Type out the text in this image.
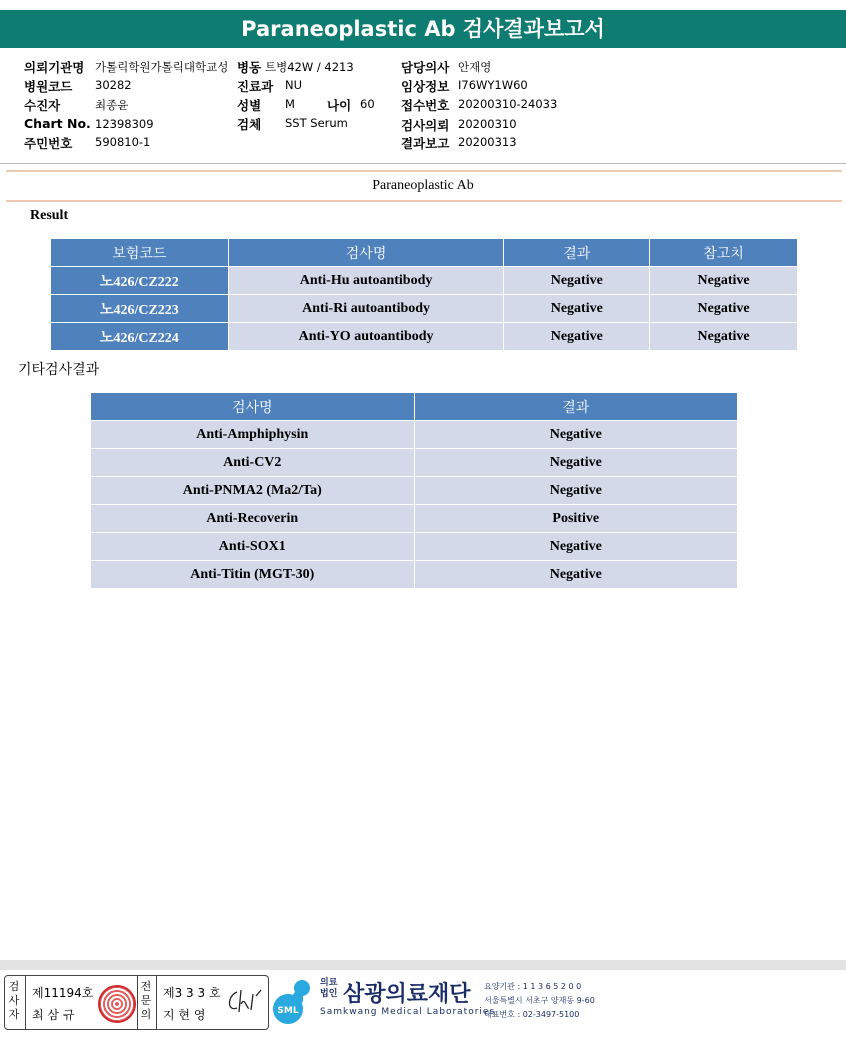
Paraneoplastic Ab 검사결과보고서
의뢰기관명 가톨릭학원가톨릭대학교성 병동 트병42W / 4213	담당의사 안재영
병원코드 30282	진료과 NU	임상정보 I76WY1W60
수진자	최종윤	성별 M	나이 60 접수번호 20200310-24033
Chart No. 12398309	검체 SST Serum	검사의뢰 20200310
주민번호 590810-1	결과보고 20200313
Paraneoplastic Ab
Result
보험코드	검사명	결과	참고치
노426/CZ222	Anti-Hu autoantibody	Negative	Negative
노426/CZ223	Anti-Ri autoantibody	Negative	Negative
노426/CZ224	Anti-YO autoantibody	Negative	Negative
기타검사결과
검사명	결과
Anti-Amphiphysin	Negative
Anti-CV2	Negative
Anti-PNMA2 (Ma2/Ta)	Negative
Anti-Recoverin	Positive
Anti-SOX1	Negative
Anti-Titin (MGT-30)	Negative
검사자
제11194호
최 삼 규
전문의
제3 3 3 호
지 현 영	SML
의료
법인 삼광의료재단
Samkwang Medical Laboratories
요양기관 : 1 1 3 6 5 2 0 0
서울특별시 서초구 양재동 9-60
대표번호 : 02-3497-5100
